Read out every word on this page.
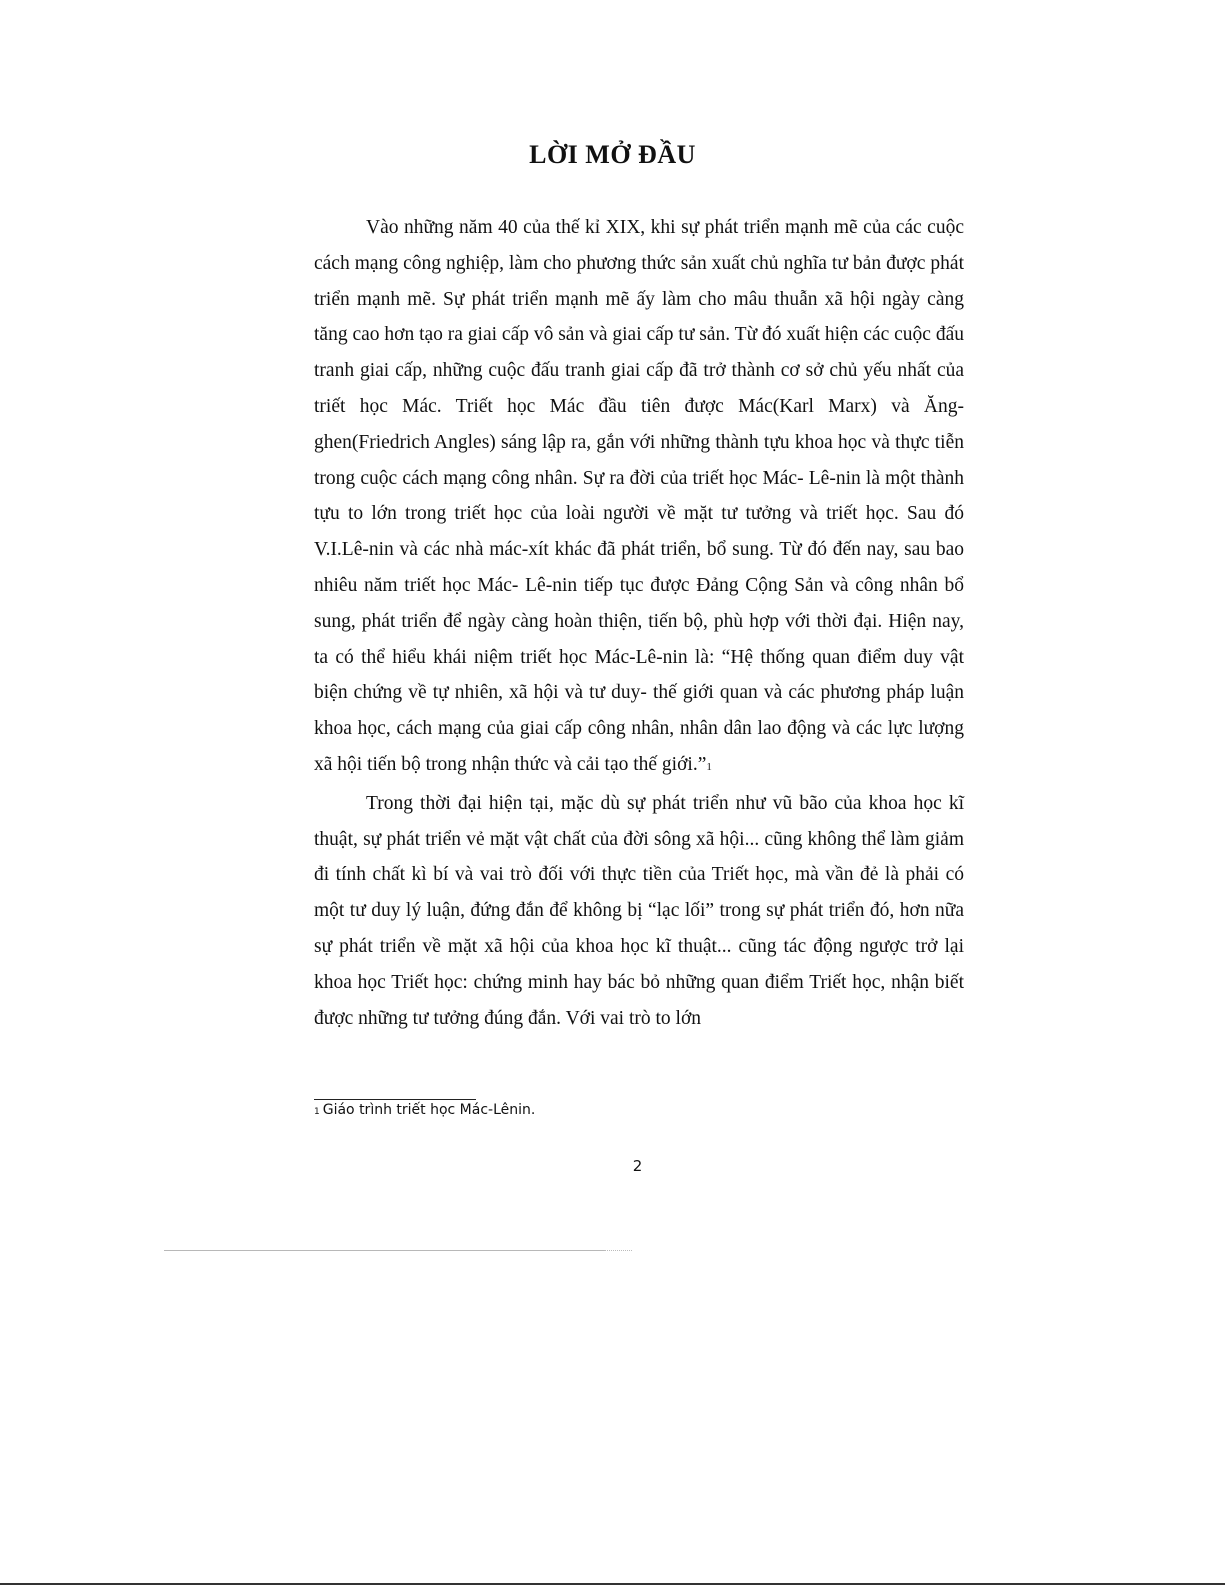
LỜI MỞ ĐẦU

Vào những năm 40 của thế kỉ XIX, khi sự phát triển mạnh mẽ của các cuộc cách mạng công nghiệp, làm cho phương thức sản xuất chủ nghĩa tư bản được phát triển mạnh mẽ. Sự phát triển mạnh mẽ ấy làm cho mâu thuẫn xã hội ngày càng tăng cao hơn tạo ra giai cấp vô sản và giai cấp tư sản. Từ đó xuất hiện các cuộc đấu tranh giai cấp, những cuộc đấu tranh giai cấp đã trở thành cơ sở chủ yếu nhất của triết học Mác. Triết học Mác đầu tiên được Mác(Karl Marx) và Ăng-ghen(Friedrich Angles) sáng lập ra, gắn với những thành tựu khoa học và thực tiễn trong cuộc cách mạng công nhân. Sự ra đời của triết học Mác- Lê-nin là một thành tựu to lớn trong triết học của loài người về mặt tư tưởng và triết học. Sau đó V.I.Lê-nin và các nhà mác-xít khác đã phát triển, bổ sung. Từ đó đến nay, sau bao nhiêu năm triết học Mác- Lê-nin tiếp tục được Đảng Cộng Sản và công nhân bổ sung, phát triển để ngày càng hoàn thiện, tiến bộ, phù hợp với thời đại. Hiện nay, ta có thể hiểu khái niệm triết học Mác-Lê-nin là: “Hệ thống quan điểm duy vật biện chứng về tự nhiên, xã hội và tư duy- thế giới quan và các phương pháp luận khoa học, cách mạng của giai cấp công nhân, nhân dân lao động và các lực lượng xã hội tiến bộ trong nhận thức và cải tạo thế giới.”1

Trong thời đại hiện tại, mặc dù sự phát triển như vũ bão của khoa học kĩ thuật, sự phát triển vẻ mặt vật chất của đời sông xã hội... cũng không thể làm giảm đi tính chất kì bí và vai trò đối với thực tiền của Triết học, mà vần đẻ là phải có một tư duy lý luận, đứng đắn để không bị “lạc lối” trong sự phát triển đó, hơn nữa sự phát triển về mặt xã hội của khoa học kĩ thuật... cũng tác động ngược trở lại khoa học Triết học: chứng minh hay bác bỏ những quan điểm Triết học, nhận biết được những tư tưởng đúng đắn. Với vai trò to lớn

1 Giáo trình triết học Mác-Lênin.

2
